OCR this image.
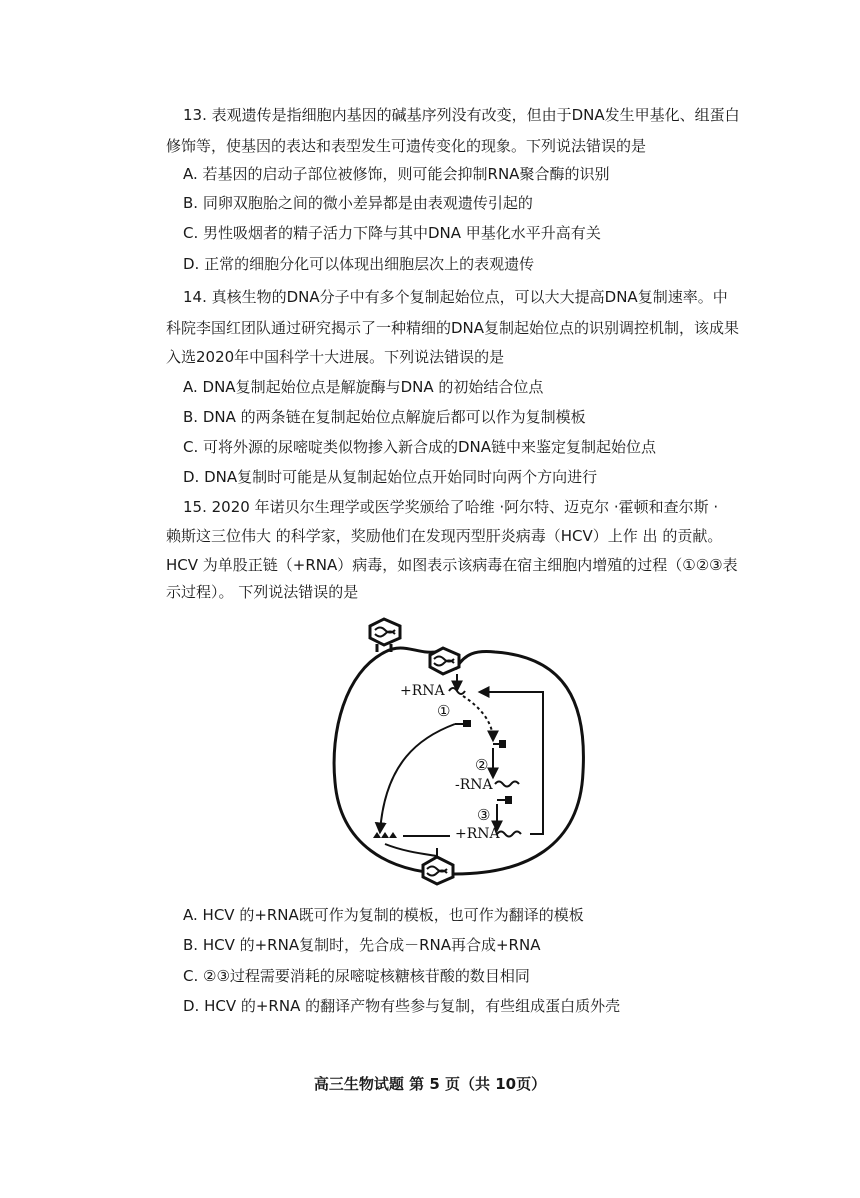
13. 表观遗传是指细胞内基因的碱基序列没有改变，但由于DNA发生甲基化、组蛋白
修饰等，使基因的表达和表型发生可遗传变化的现象。下列说法错误的是
A. 若基因的启动子部位被修饰，则可能会抑制RNA聚合酶的识别
B. 同卵双胞胎之间的微小差异都是由表观遗传引起的
C. 男性吸烟者的精子活力下降与其中DNA 甲基化水平升高有关
D. 正常的细胞分化可以体现出细胞层次上的表观遗传
14. 真核生物的DNA分子中有多个复制起始位点，可以大大提高DNA复制速率。中
科院李国红团队通过研究揭示了一种精细的DNA复制起始位点的识别调控机制，该成果
入选2020年中国科学十大进展。下列说法错误的是
A. DNA复制起始位点是解旋酶与DNA 的初始结合位点
B. DNA 的两条链在复制起始位点解旋后都可以作为复制模板
C. 可将外源的尿嘧啶类似物掺入新合成的DNA链中来鉴定复制起始位点
D. DNA复制时可能是从复制起始位点开始同时向两个方向进行
15. 2020 年诺贝尔生理学或医学奖颁给了哈维 ·阿尔特、迈克尔 ·霍顿和查尔斯 ·
赖斯这三位伟大 的科学家，奖励他们在发现丙型肝炎病毒（HCV）上作 出 的贡献。
HCV 为单股正链（+RNA）病毒，如图表示该病毒在宿主细胞内增殖的过程（①②③表
示过程）。 下列说法错误的是
+RNA
①
②
-RNA
③
+RNA
A. HCV 的+RNA既可作为复制的模板，也可作为翻译的模板
B. HCV 的+RNA复制时，先合成－RNA再合成+RNA
C. ②③过程需要消耗的尿嘧啶核糖核苷酸的数目相同
D. HCV 的+RNA 的翻译产物有些参与复制，有些组成蛋白质外壳
高三生物试题 第 5 页（共 10页）
